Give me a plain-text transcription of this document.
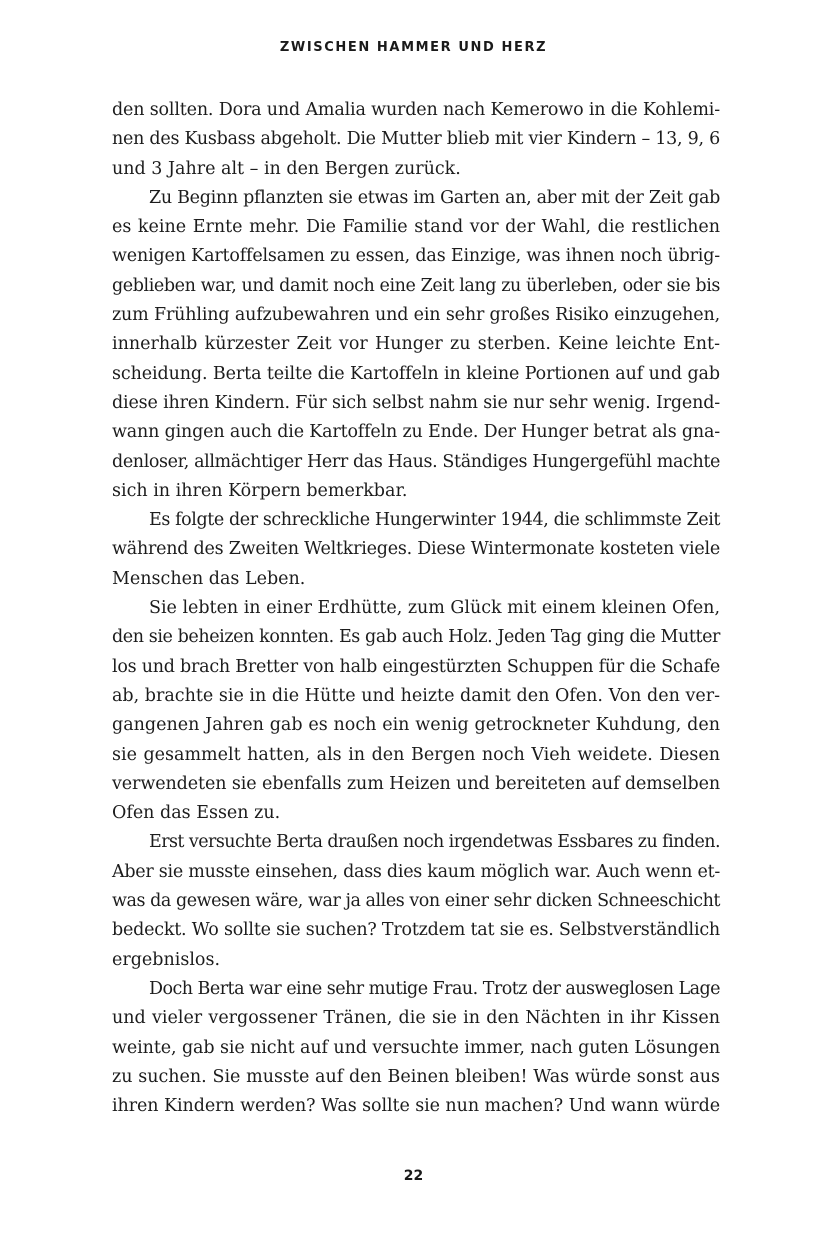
ZWISCHEN HAMMER UND HERZ
den sollten. Dora und Amalia wurden nach Kemerowo in die Kohlemi-
nen des Kusbass abgeholt. Die Mutter blieb mit vier Kindern – 13, 9, 6
und 3 Jahre alt – in den Bergen zurück.
Zu Beginn pflanzten sie etwas im Garten an, aber mit der Zeit gab
es keine Ernte mehr. Die Familie stand vor der Wahl, die restlichen
wenigen Kartoffelsamen zu essen, das Einzige, was ihnen noch übrig-
geblieben war, und damit noch eine Zeit lang zu überleben, oder sie bis
zum Frühling aufzubewahren und ein sehr großes Risiko einzugehen,
innerhalb kürzester Zeit vor Hunger zu sterben. Keine leichte Ent-
scheidung. Berta teilte die Kartoffeln in kleine Portionen auf und gab
diese ihren Kindern. Für sich selbst nahm sie nur sehr wenig. Irgend-
wann gingen auch die Kartoffeln zu Ende. Der Hunger betrat als gna-
denloser, allmächtiger Herr das Haus. Ständiges Hungergefühl machte
sich in ihren Körpern bemerkbar.
Es folgte der schreckliche Hungerwinter 1944, die schlimmste Zeit
während des Zweiten Weltkrieges. Diese Wintermonate kosteten viele
Menschen das Leben.
Sie lebten in einer Erdhütte, zum Glück mit einem kleinen Ofen,
den sie beheizen konnten. Es gab auch Holz. Jeden Tag ging die Mutter
los und brach Bretter von halb eingestürzten Schuppen für die Schafe
ab, brachte sie in die Hütte und heizte damit den Ofen. Von den ver-
gangenen Jahren gab es noch ein wenig getrockneter Kuhdung, den
sie gesammelt hatten, als in den Bergen noch Vieh weidete. Diesen
verwendeten sie ebenfalls zum Heizen und bereiteten auf demselben
Ofen das Essen zu.
Erst versuchte Berta draußen noch irgendetwas Essbares zu finden.
Aber sie musste einsehen, dass dies kaum möglich war. Auch wenn et-
was da gewesen wäre, war ja alles von einer sehr dicken Schneeschicht
bedeckt. Wo sollte sie suchen? Trotzdem tat sie es. Selbstverständlich
ergebnislos.
Doch Berta war eine sehr mutige Frau. Trotz der ausweglosen Lage
und vieler vergossener Tränen, die sie in den Nächten in ihr Kissen
weinte, gab sie nicht auf und versuchte immer, nach guten Lösungen
zu suchen. Sie musste auf den Beinen bleiben! Was würde sonst aus
ihren Kindern werden? Was sollte sie nun machen? Und wann würde
22
